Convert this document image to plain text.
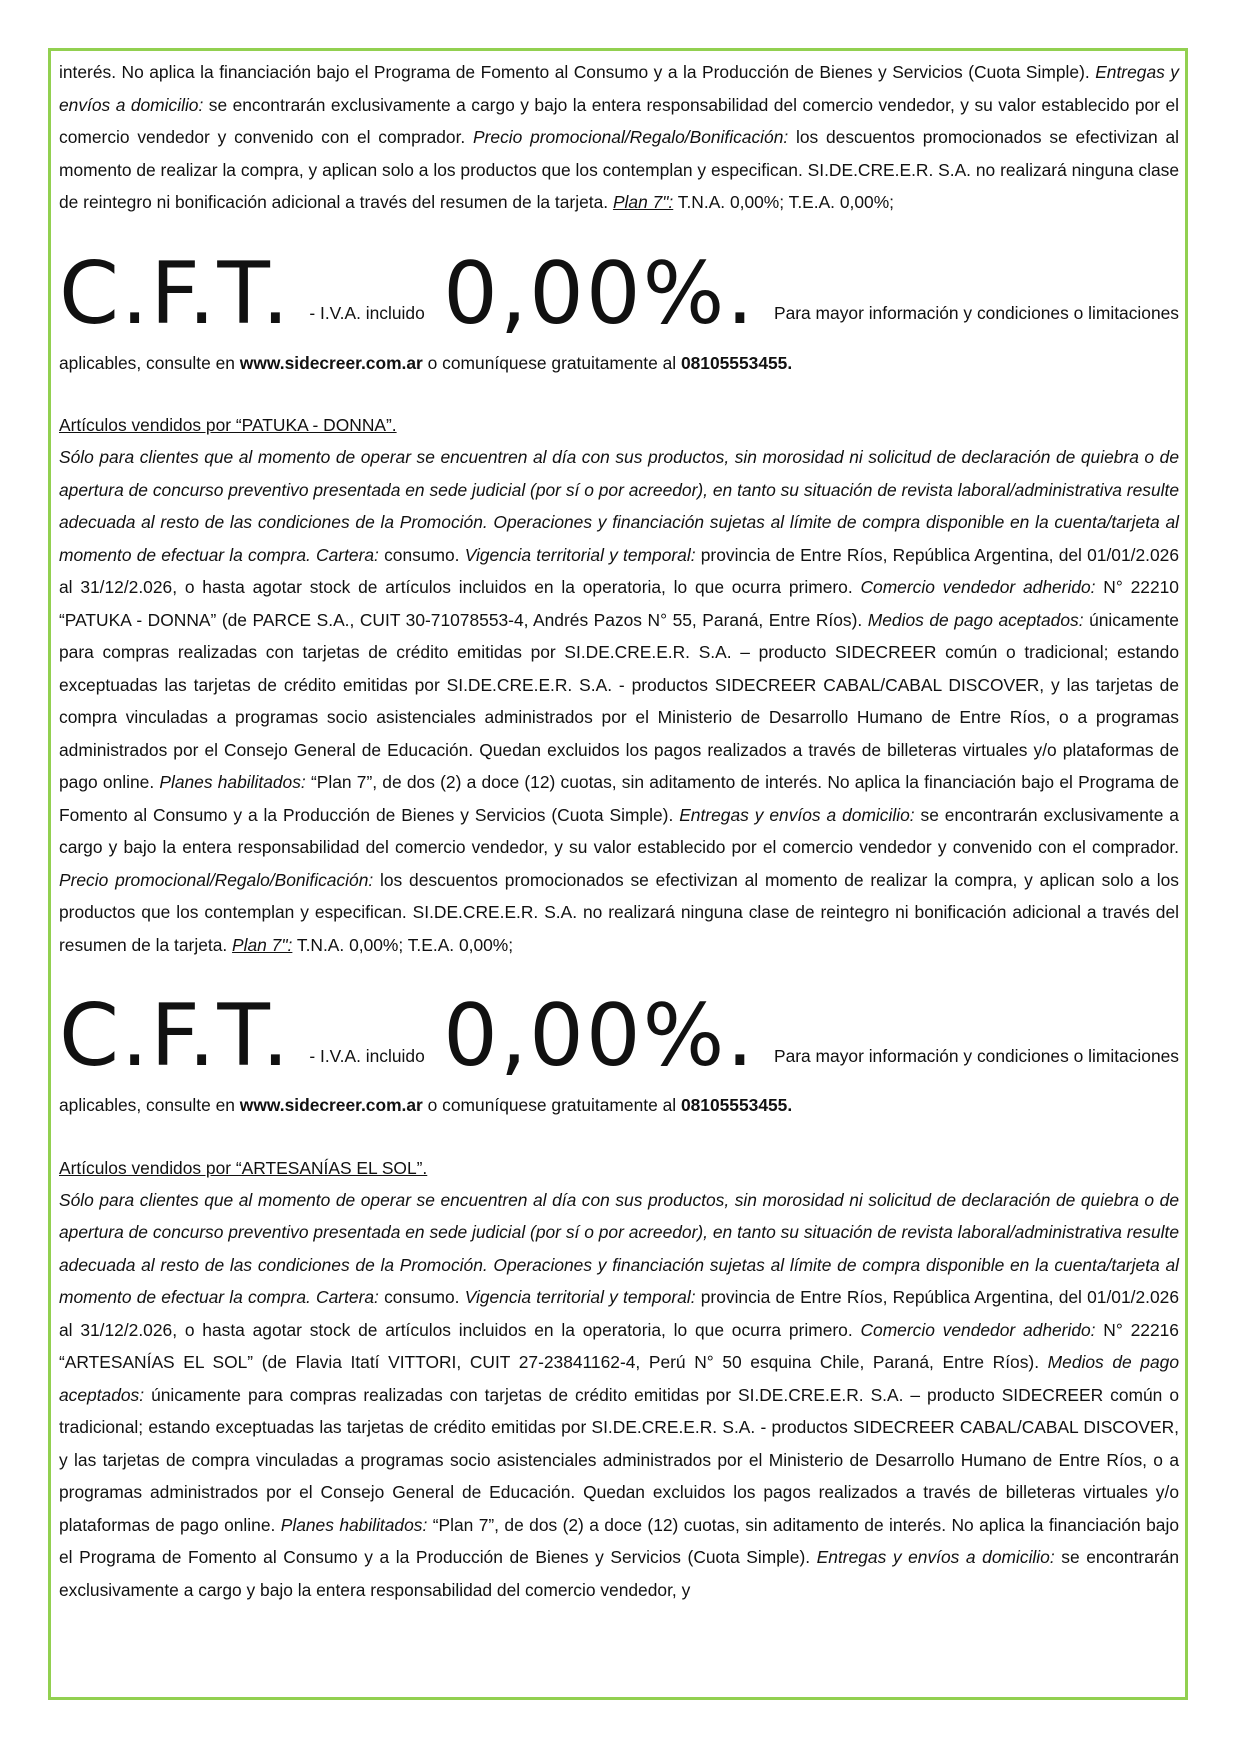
interés. No aplica la financiación bajo el Programa de Fomento al Consumo y a la Producción de Bienes y Servicios (Cuota Simple). Entregas y envíos a domicilio: se encontrarán exclusivamente a cargo y bajo la entera responsabilidad del comercio vendedor, y su valor establecido por el comercio vendedor y convenido con el comprador. Precio promocional/Regalo/Bonificación: los descuentos promocionados se efectivizan al momento de realizar la compra, y aplican solo a los productos que los contemplan y especifican. SI.DE.CRE.E.R. S.A. no realizará ninguna clase de reintegro ni bonificación adicional a través del resumen de la tarjeta. Plan 7": T.N.A. 0,00%; T.E.A. 0,00%;

C.F.T. - I.V.A. incluido 0,00%. Para mayor información y condiciones o limitaciones

aplicables, consulte en www.sidecreer.com.ar o comuníquese gratuitamente al 08105553455.

Artículos vendidos por “PATUKA - DONNA”.

Sólo para clientes que al momento de operar se encuentren al día con sus productos, sin morosidad ni solicitud de declaración de quiebra o de apertura de concurso preventivo presentada en sede judicial (por sí o por acreedor), en tanto su situación de revista laboral/administrativa resulte adecuada al resto de las condiciones de la Promoción. Operaciones y financiación sujetas al límite de compra disponible en la cuenta/tarjeta al momento de efectuar la compra. Cartera: consumo. Vigencia territorial y temporal: provincia de Entre Ríos, República Argentina, del 01/01/2.026 al 31/12/2.026, o hasta agotar stock de artículos incluidos en la operatoria, lo que ocurra primero. Comercio vendedor adherido: N° 22210 “PATUKA - DONNA” (de PARCE S.A., CUIT 30-71078553-4, Andrés Pazos N° 55, Paraná, Entre Ríos). Medios de pago aceptados: únicamente para compras realizadas con tarjetas de crédito emitidas por SI.DE.CRE.E.R. S.A. – producto SIDECREER común o tradicional; estando exceptuadas las tarjetas de crédito emitidas por SI.DE.CRE.E.R. S.A. - productos SIDECREER CABAL/CABAL DISCOVER, y las tarjetas de compra vinculadas a programas socio asistenciales administrados por el Ministerio de Desarrollo Humano de Entre Ríos, o a programas administrados por el Consejo General de Educación. Quedan excluidos los pagos realizados a través de billeteras virtuales y/o plataformas de pago online. Planes habilitados: “Plan 7”, de dos (2) a doce (12) cuotas, sin aditamento de interés. No aplica la financiación bajo el Programa de Fomento al Consumo y a la Producción de Bienes y Servicios (Cuota Simple). Entregas y envíos a domicilio: se encontrarán exclusivamente a cargo y bajo la entera responsabilidad del comercio vendedor, y su valor establecido por el comercio vendedor y convenido con el comprador. Precio promocional/Regalo/Bonificación: los descuentos promocionados se efectivizan al momento de realizar la compra, y aplican solo a los productos que los contemplan y especifican. SI.DE.CRE.E.R. S.A. no realizará ninguna clase de reintegro ni bonificación adicional a través del resumen de la tarjeta. Plan 7": T.N.A. 0,00%; T.E.A. 0,00%;

C.F.T. - I.V.A. incluido 0,00%. Para mayor información y condiciones o limitaciones

aplicables, consulte en www.sidecreer.com.ar o comuníquese gratuitamente al 08105553455.

Artículos vendidos por “ARTESANÍAS EL SOL”.

Sólo para clientes que al momento de operar se encuentren al día con sus productos, sin morosidad ni solicitud de declaración de quiebra o de apertura de concurso preventivo presentada en sede judicial (por sí o por acreedor), en tanto su situación de revista laboral/administrativa resulte adecuada al resto de las condiciones de la Promoción. Operaciones y financiación sujetas al límite de compra disponible en la cuenta/tarjeta al momento de efectuar la compra. Cartera: consumo. Vigencia territorial y temporal: provincia de Entre Ríos, República Argentina, del 01/01/2.026 al 31/12/2.026, o hasta agotar stock de artículos incluidos en la operatoria, lo que ocurra primero. Comercio vendedor adherido: N° 22216 “ARTESANÍAS EL SOL” (de Flavia Itatí VITTORI, CUIT 27-23841162-4, Perú N° 50 esquina Chile, Paraná, Entre Ríos). Medios de pago aceptados: únicamente para compras realizadas con tarjetas de crédito emitidas por SI.DE.CRE.E.R. S.A. – producto SIDECREER común o tradicional; estando exceptuadas las tarjetas de crédito emitidas por SI.DE.CRE.E.R. S.A. - productos SIDECREER CABAL/CABAL DISCOVER, y las tarjetas de compra vinculadas a programas socio asistenciales administrados por el Ministerio de Desarrollo Humano de Entre Ríos, o a programas administrados por el Consejo General de Educación. Quedan excluidos los pagos realizados a través de billeteras virtuales y/o plataformas de pago online. Planes habilitados: “Plan 7”, de dos (2) a doce (12) cuotas, sin aditamento de interés. No aplica la financiación bajo el Programa de Fomento al Consumo y a la Producción de Bienes y Servicios (Cuota Simple). Entregas y envíos a domicilio: se encontrarán exclusivamente a cargo y bajo la entera responsabilidad del comercio vendedor, y
